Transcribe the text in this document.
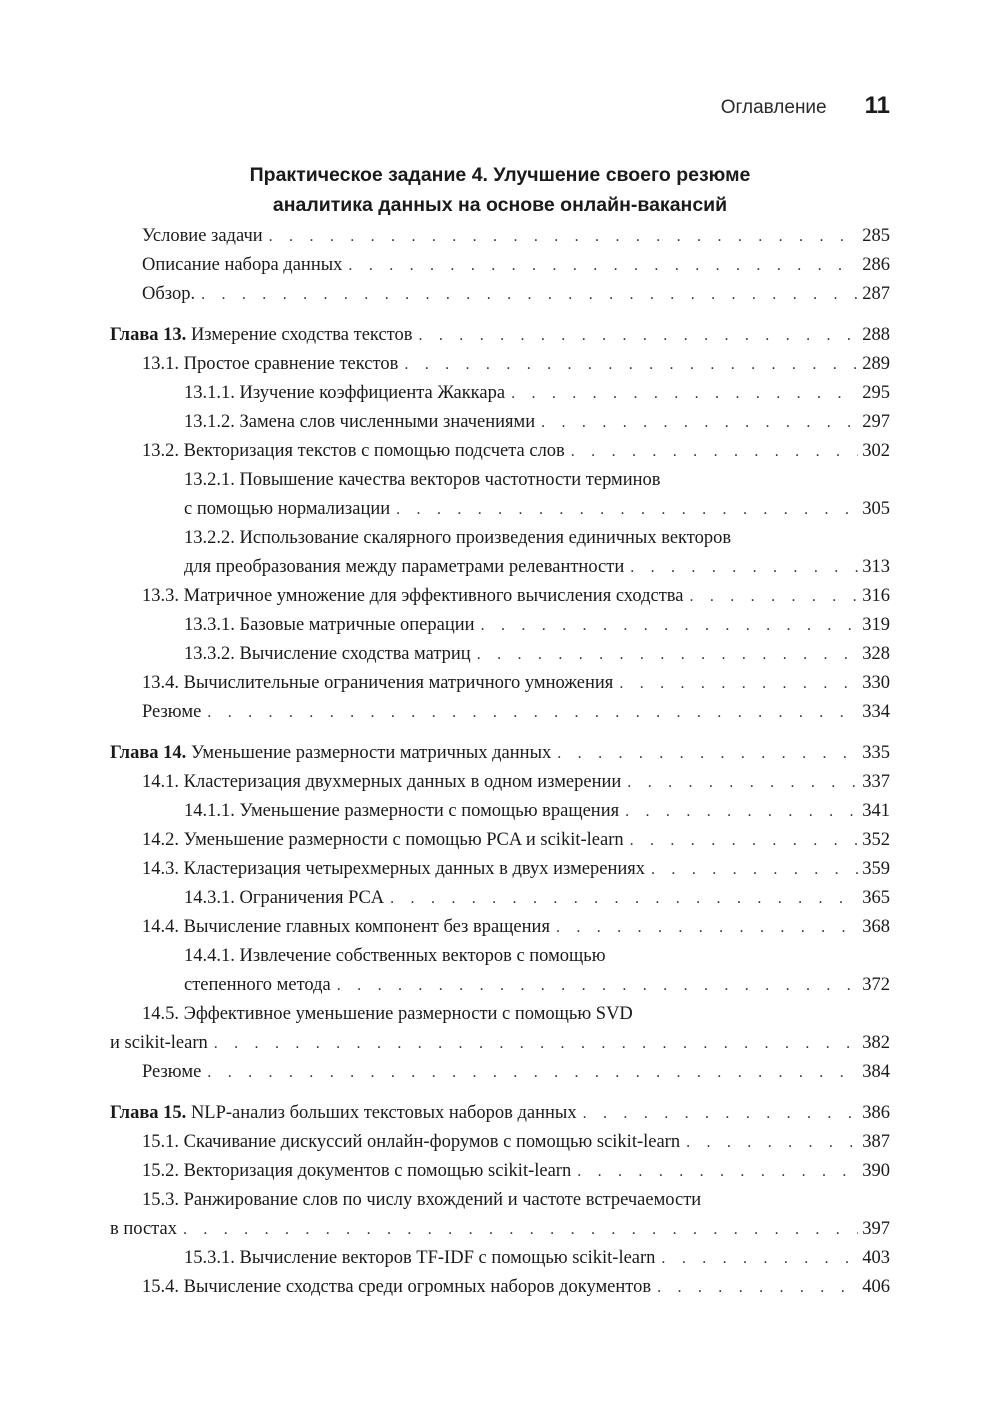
Оглавление 11
Практическое задание 4. Улучшение своего резюме
аналитика данных на основе онлайн-вакансий
Условие задачи . . .	285
Описание набора данных . . .	286
Обзор. . . .	287
Глава 13. Измерение сходства текстов . . .	288
13.1. Простое сравнение текстов . . .	289
13.1.1. Изучение коэффициента Жаккара . . .	295
13.1.2. Замена слов численными значениями . . .	297
13.2. Векторизация текстов с помощью подсчета слов . . .	302
13.2.1. Повышение качества векторов частотности терминов
с помощью нормализации . . .	305
13.2.2. Использование скалярного произведения единичных векторов
для преобразования между параметрами релевантности . . .	313
13.3. Матричное умножение для эффективного вычисления сходства . . .	316
13.3.1. Базовые матричные операции . . .	319
13.3.2. Вычисление сходства матриц . . .	328
13.4. Вычислительные ограничения матричного умножения . . .	330
Резюме . . .	334
Глава 14. Уменьшение размерности матричных данных . . .	335
14.1. Кластеризация двухмерных данных в одном измерении . . .	337
14.1.1. Уменьшение размерности с помощью вращения . . .	341
14.2. Уменьшение размерности с помощью PCA и scikit-learn . . .	352
14.3. Кластеризация четырехмерных данных в двух измерениях . . .	359
14.3.1. Ограничения PCA . . .	365
14.4. Вычисление главных компонент без вращения . . .	368
14.4.1. Извлечение собственных векторов с помощью
степенного метода . . .	372
14.5. Эффективное уменьшение размерности с помощью SVD
и scikit-learn . . .	382
Резюме . . .	384
Глава 15. NLP-анализ больших текстовых наборов данных . . .	386
15.1. Скачивание дискуссий онлайн-форумов с помощью scikit-learn . . .	387
15.2. Векторизация документов с помощью scikit-learn . . .	390
15.3. Ранжирование слов по числу вхождений и частоте встречаемости
в постах . . .	397
15.3.1. Вычисление векторов TF-IDF с помощью scikit-learn . . .	403
15.4. Вычисление сходства среди огромных наборов документов . . .	406
